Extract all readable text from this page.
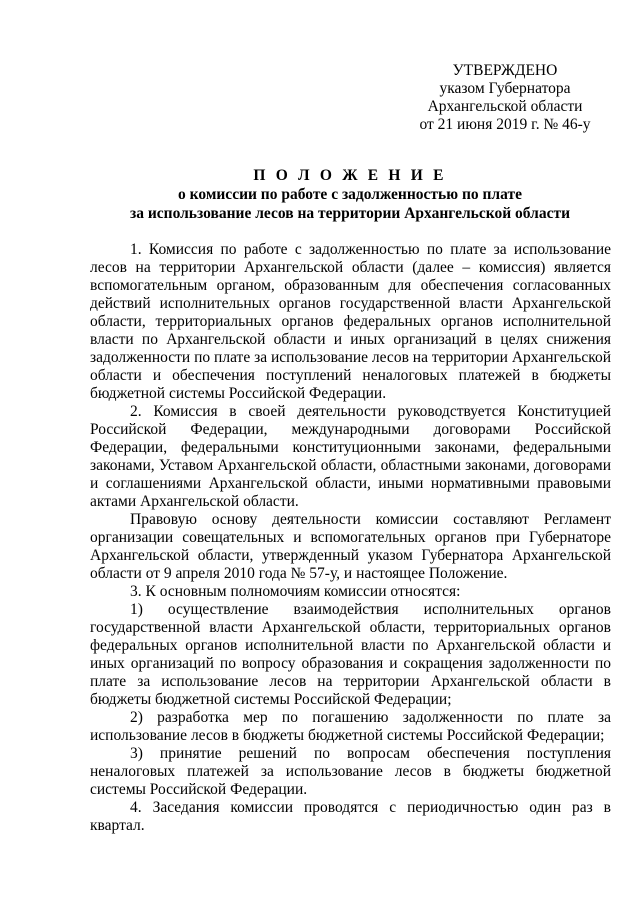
УТВЕРЖДЕНО
указом Губернатора
Архангельской области
от 21 июня 2019 г. № 46-у
П О Л О Ж Е Н И Е
о комиссии по работе с задолженностью по плате
за использование лесов на территории Архангельской области

1. Комиссия по работе с задолженностью по плате за использование лесов на территории Архангельской области (далее – комиссия) является вспомогательным органом, образованным для обеспечения согласованных действий исполнительных органов государственной власти Архангельской области, территориальных органов федеральных органов исполнительной власти по Архангельской области и иных организаций в целях снижения задолженности по плате за использование лесов на территории Архангельской области и обеспечения поступлений неналоговых платежей в бюджеты бюджетной системы Российской Федерации.

2. Комиссия в своей деятельности руководствуется Конституцией Российской Федерации, международными договорами Российской Федерации, федеральными конституционными законами, федеральными законами, Уставом Архангельской области, областными законами, договорами и соглашениями Архангельской области, иными нормативными правовыми актами Архангельской области.

Правовую основу деятельности комиссии составляют Регламент организации совещательных и вспомогательных органов при Губернаторе Архангельской области, утвержденный указом Губернатора Архангельской области от 9 апреля 2010 года № 57-у, и настоящее Положение.

3. К основным полномочиям комиссии относятся:

1) осуществление взаимодействия исполнительных органов государственной власти Архангельской области, территориальных органов федеральных органов исполнительной власти по Архангельской области и иных организаций по вопросу образования и сокращения задолженности по плате за использование лесов на территории Архангельской области в бюджеты бюджетной системы Российской Федерации;

2) разработка мер по погашению задолженности по плате за использование лесов в бюджеты бюджетной системы Российской Федерации;

3) принятие решений по вопросам обеспечения поступления неналоговых платежей за использование лесов в бюджеты бюджетной системы Российской Федерации.

4. Заседания комиссии проводятся с периодичностью один раз в квартал.
